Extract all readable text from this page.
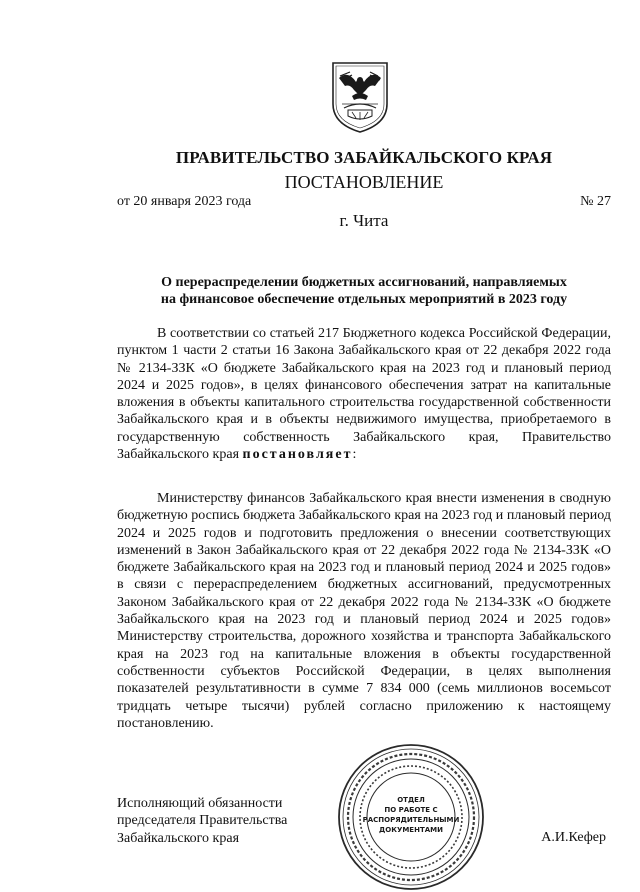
ПРАВИТЕЛЬСТВО ЗАБАЙКАЛЬСКОГО КРАЯ
ПОСТАНОВЛЕНИЕ
от 20 января 2023 года	№ 27
г. Чита
О перераспределении бюджетных ассигнований, направляемых
на финансовое обеспечение отдельных мероприятий в 2023 году

В соответствии со статьей 217 Бюджетного кодекса Российской Федерации, пунктом 1 части 2 статьи 16 Закона Забайкальского края от 22 декабря 2022 года № 2134-ЗЗК «О бюджете Забайкальского края на 2023 год и плановый период 2024 и 2025 годов», в целях финансового обеспечения затрат на капитальные вложения в объекты капитального строительства государственной собственности Забайкальского края и в объекты недвижимого имущества, приобретаемого в государственную собственность Забайкальского края, Правительство Забайкальского края постановляет:

Министерству финансов Забайкальского края внести изменения в сводную бюджетную роспись бюджета Забайкальского края на 2023 год и плановый период 2024 и 2025 годов и подготовить предложения о внесении соответствующих изменений в Закон Забайкальского края от 22 декабря 2022 года № 2134-ЗЗК «О бюджете Забайкальского края на 2023 год и плановый период 2024 и 2025 годов» в связи с перераспределением бюджетных ассигнований, предусмотренных Законом Забайкальского края от 22 декабря 2022 года № 2134-ЗЗК «О бюджете Забайкальского края на 2023 год и плановый период 2024 и 2025 годов» Министерству строительства, дорожного хозяйства и транспорта Забайкальского края на 2023 год на капитальные вложения в объекты государственной собственности субъектов Российской Федерации, в целях выполнения показателей результативности в сумме 7 834 000 (семь миллионов восемьсот тридцать четыре тысячи) рублей согласно приложению к настоящему постановлению.

Исполняющий обязанности
председателя Правительства
Забайкальского края	А.И.Кефер
ОТДЕЛ
ПО РАБОТЕ С
РАСПОРЯДИТЕЛЬНЫМИ
ДОКУМЕНТАМИ
